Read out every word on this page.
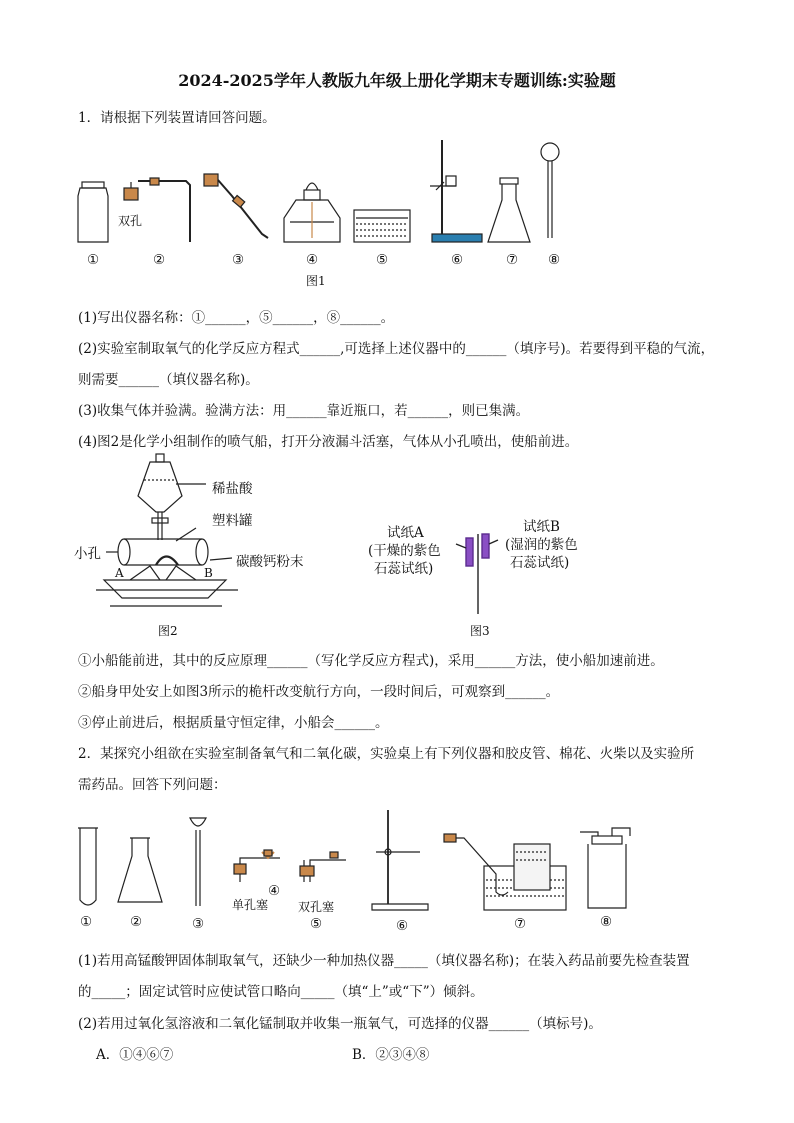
2024-2025学年人教版九年级上册化学期末专题训练:实验题
1．请根据下列装置请回答问题。
双孔
①	②	③	④	⑤	⑥	⑦ ⑧
图1
(1)写出仪器名称：①______，⑤______，⑧______。
(2)实验室制取氧气的化学反应方程式______,可选择上述仪器中的______（填序号)。若要得到平稳的气流，
则需要______（填仪器名称)。
(3)收集气体并验满。验满方法：用______靠近瓶口，若______，则已集满。
(4)图2是化学小组制作的喷气船，打开分液漏斗活塞，气体从小孔喷出，使船前进。
稀盐酸
塑料罐
小孔	碳酸钙粉末
A	B
图2
试纸A
(干燥的紫色
石蕊试纸)
试纸B
(湿润的紫色
石蕊试纸)
图3
①小船能前进，其中的反应原理______（写化学反应方程式)，采用______方法，使小船加速前进。
②船身甲处安上如图3所示的桅杆改变航行方向，一段时间后，可观察到______。
③停止前进后，根据质量守恒定律，小船会______。
2．某探究小组欲在实验室制备氧气和二氧化碳，实验桌上有下列仪器和胶皮管、棉花、火柴以及实验所
需药品。回答下列问题：
单孔塞 双孔塞
①	②	③
④
⑤	⑥	⑦	⑧
(1)若用高锰酸钾固体制取氧气，还缺少一种加热仪器_____（填仪器名称)；在装入药品前要先检查装置
的_____；固定试管时应使试管口略向_____（填“上”或“下”）倾斜。
(2)若用过氧化氢溶液和二氧化锰制取并收集一瓶氧气，可选择的仪器______（填标号)。
A．①④⑥⑦	B．②③④⑧
